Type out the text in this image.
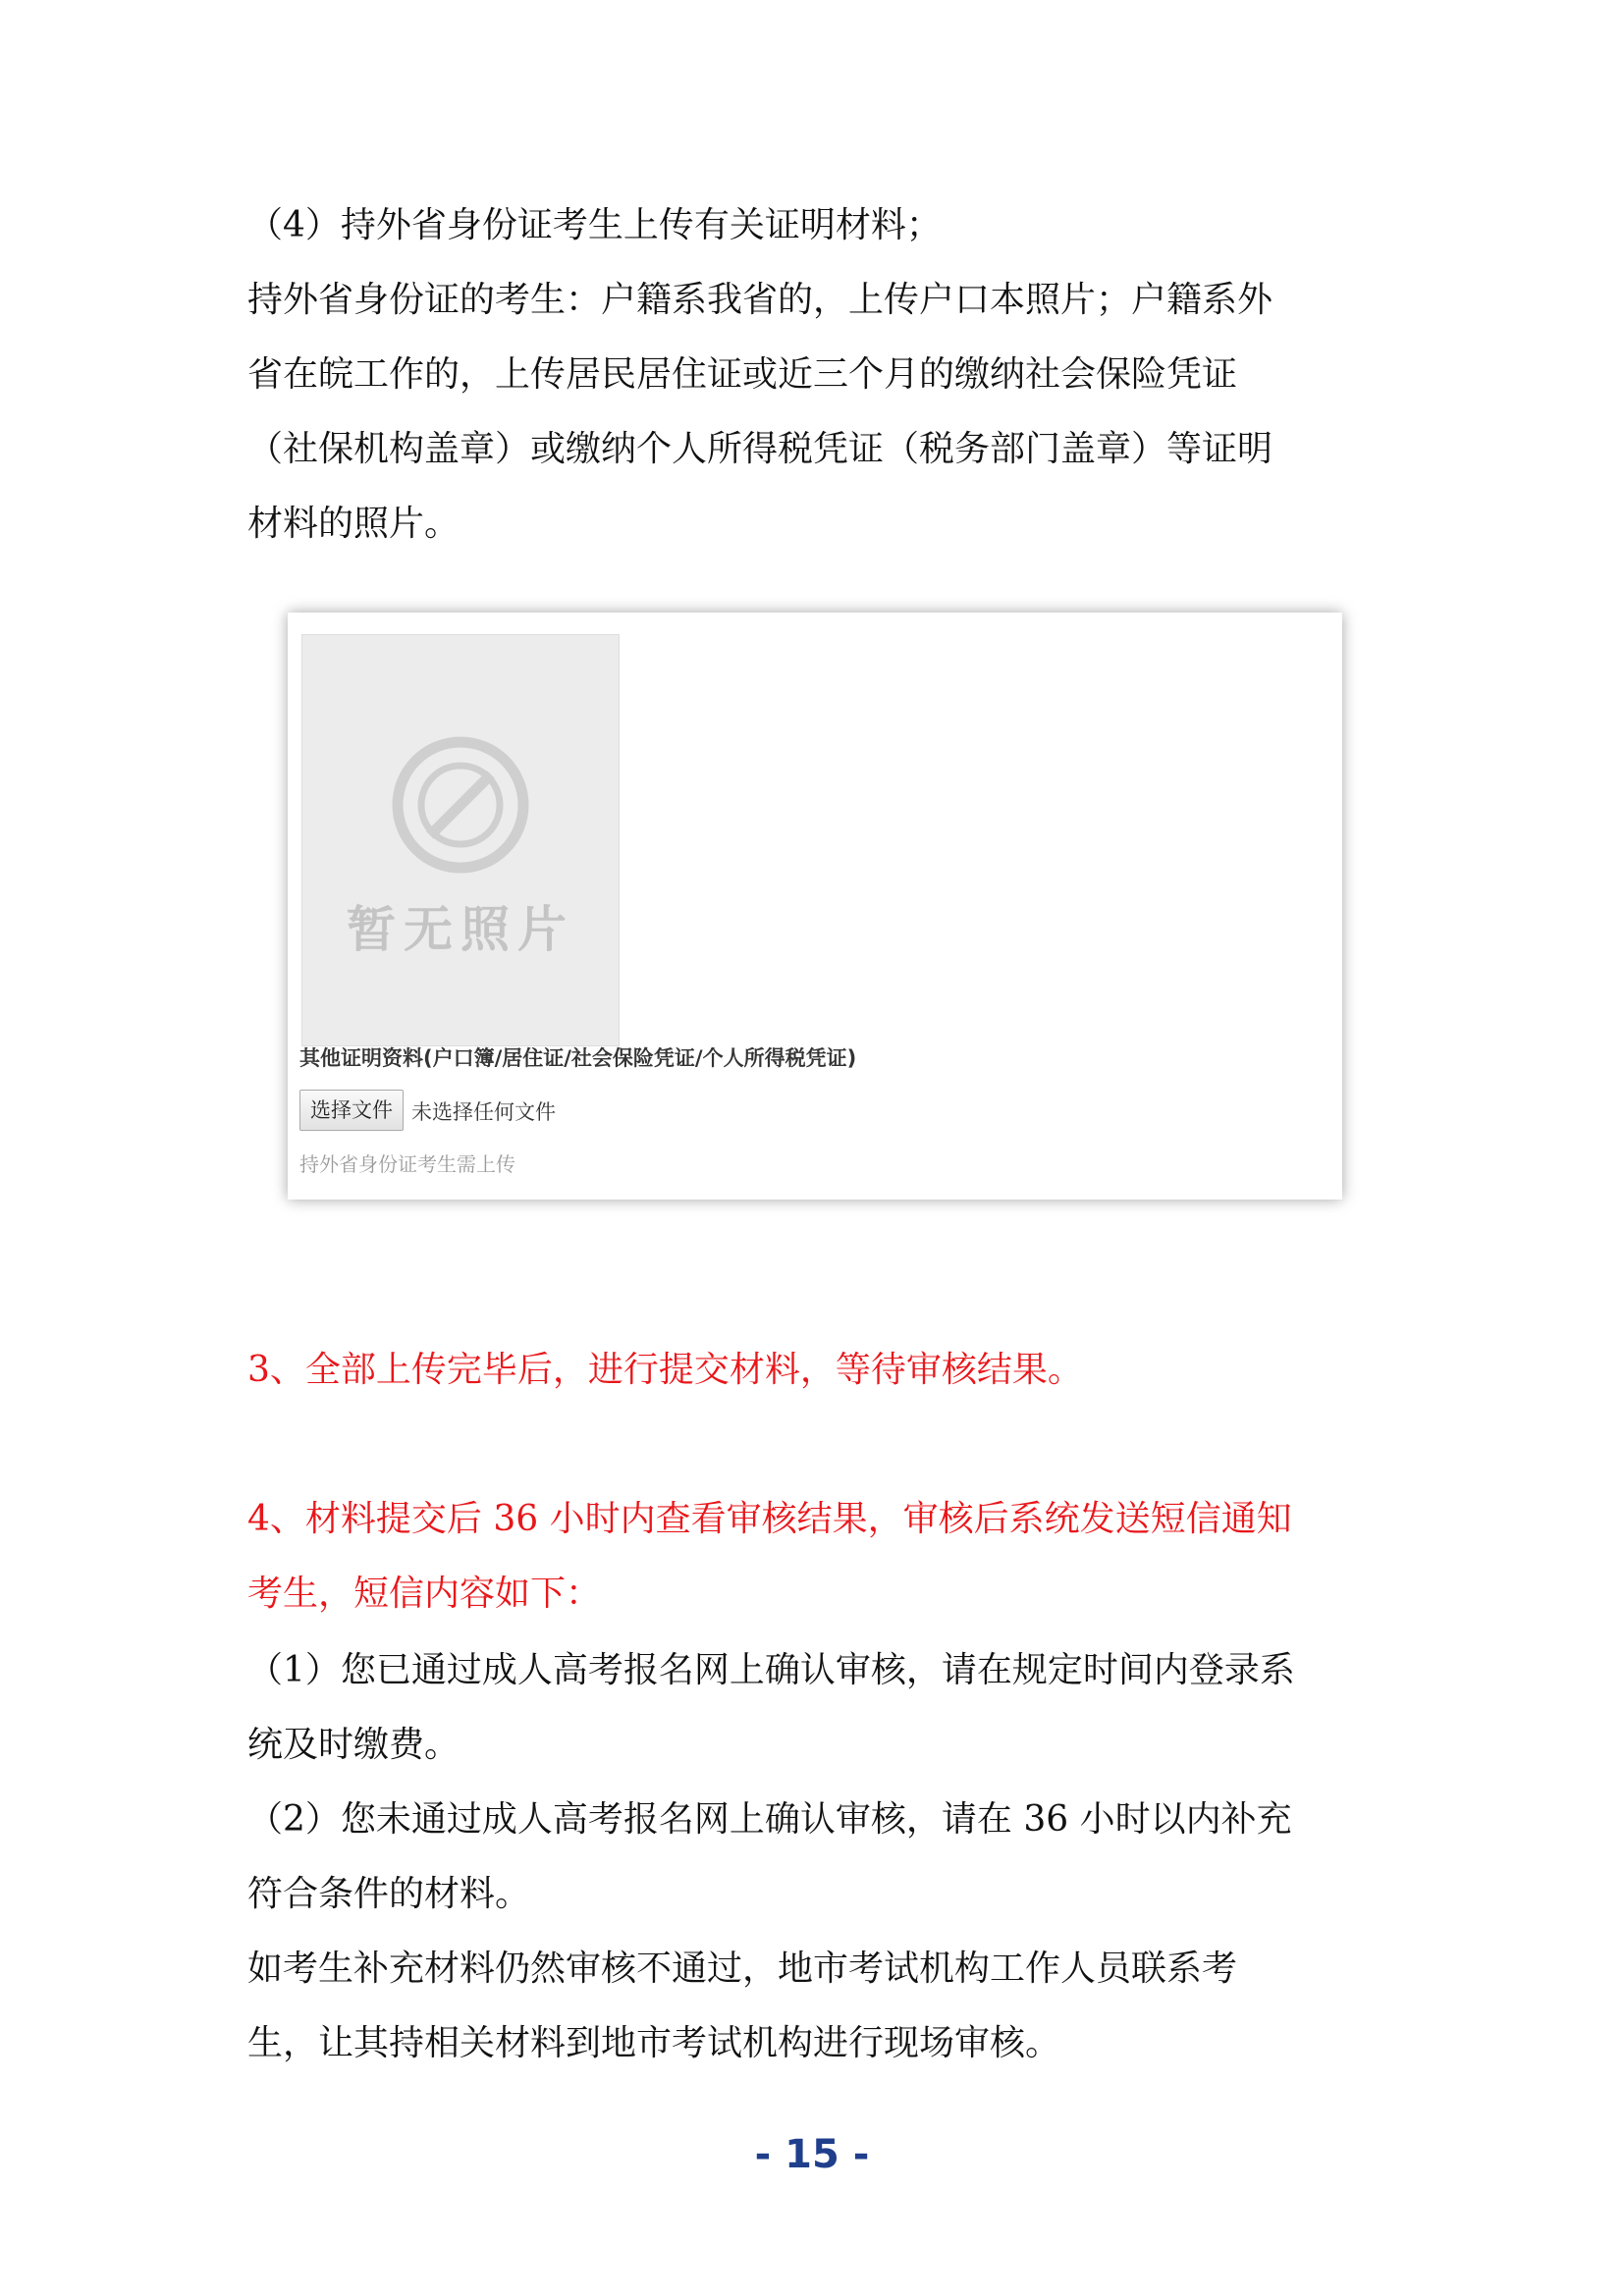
（4）持外省身份证考生上传有关证明材料；

持外省身份证的考生：户籍系我省的，上传户口本照片；户籍系外

省在皖工作的，上传居民居住证或近三个月的缴纳社会保险凭证

（社保机构盖章）或缴纳个人所得税凭证（税务部门盖章）等证明

材料的照片。

暂无照片
其他证明资料(户口簿/居住证/社会保险凭证/个人所得税凭证)
选择文件 未选择任何文件
持外省身份证考生需上传

3、全部上传完毕后，进行提交材料，等待审核结果。

4、材料提交后 36 小时内查看审核结果，审核后系统发送短信通知

考生，短信内容如下：

（1）您已通过成人高考报名网上确认审核，请在规定时间内登录系

统及时缴费。

（2）您未通过成人高考报名网上确认审核，请在 36 小时以内补充

符合条件的材料。

如考生补充材料仍然审核不通过，地市考试机构工作人员联系考

生，让其持相关材料到地市考试机构进行现场审核。

- 15 -
